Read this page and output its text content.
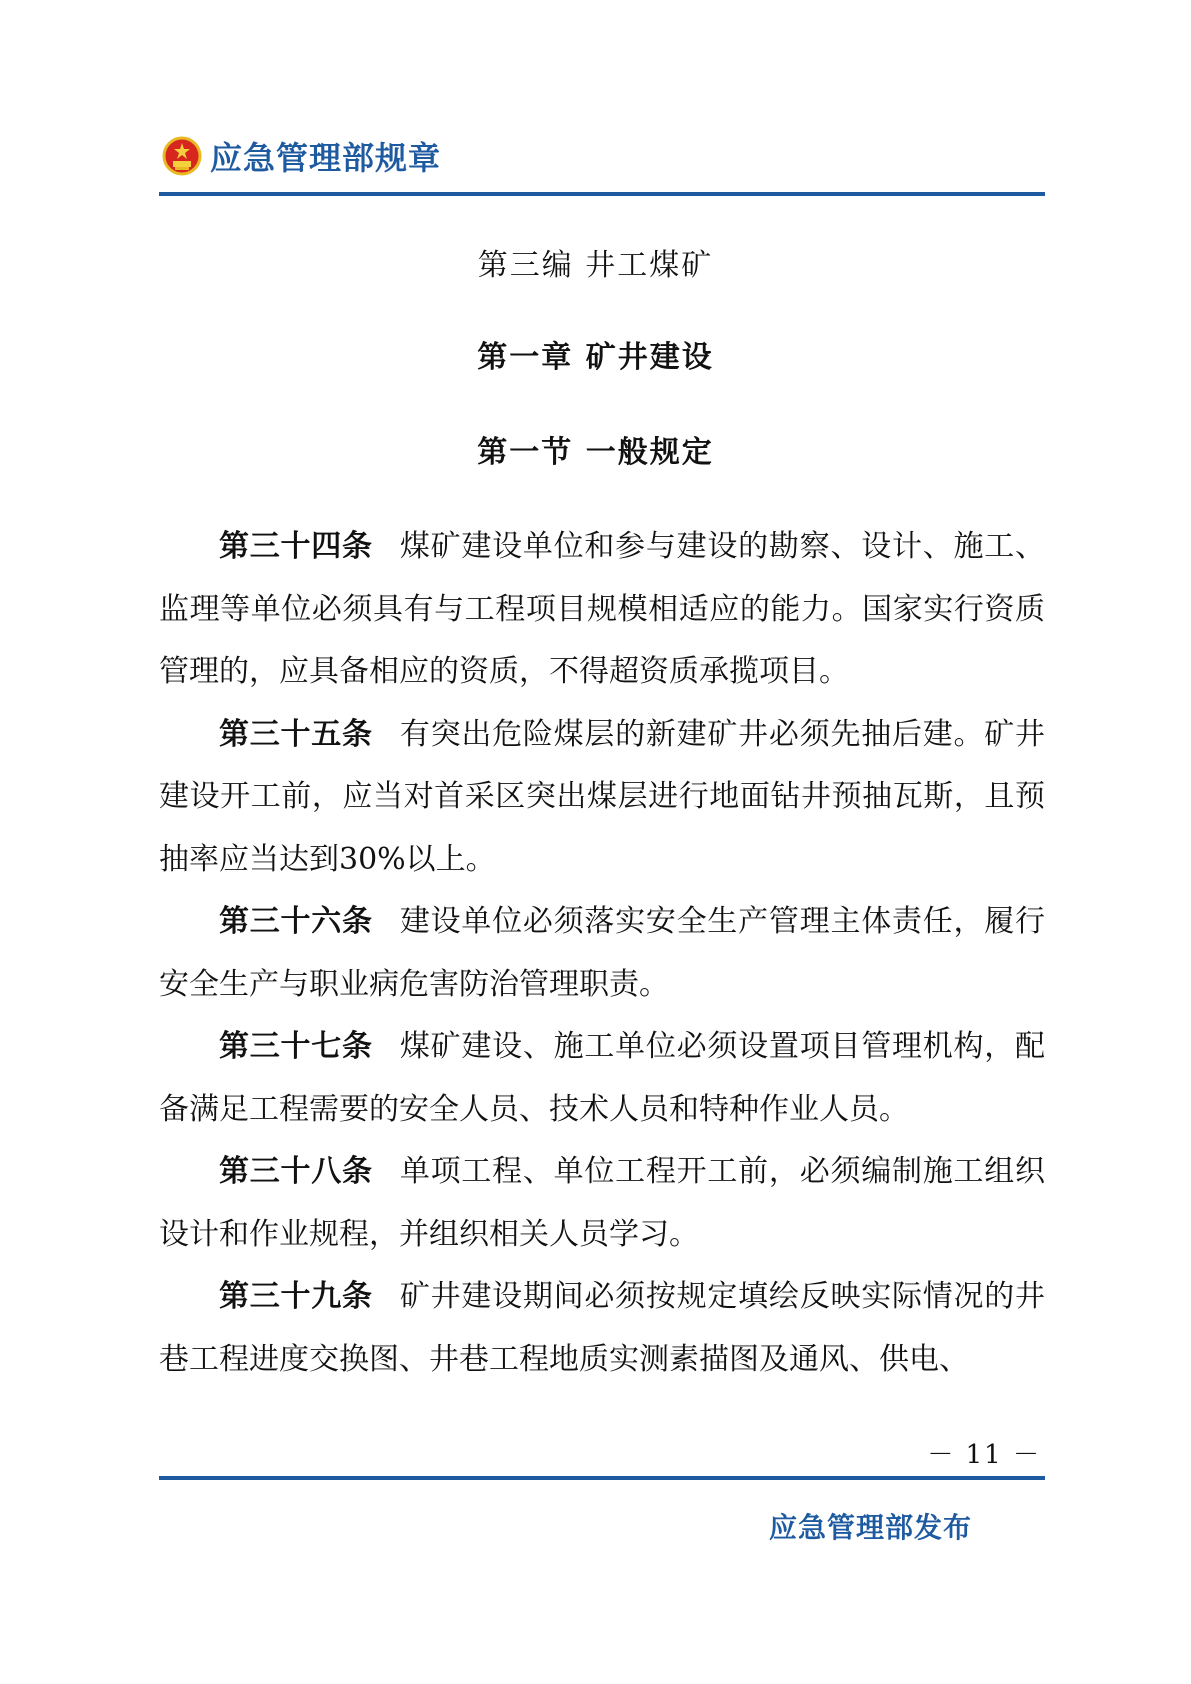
应急管理部规章
第三编 井工煤矿
第一章 矿井建设
第一节 一般规定

第三十四条 煤矿建设单位和参与建设的勘察、设计、施工、监理等单位必须具有与工程项目规模相适应的能力。国家实行资质管理的，应具备相应的资质，不得超资质承揽项目。

第三十五条 有突出危险煤层的新建矿井必须先抽后建。矿井建设开工前，应当对首采区突出煤层进行地面钻井预抽瓦斯，且预抽率应当达到30%以上。

第三十六条 建设单位必须落实安全生产管理主体责任，履行安全生产与职业病危害防治管理职责。

第三十七条 煤矿建设、施工单位必须设置项目管理机构，配备满足工程需要的安全人员、技术人员和特种作业人员。

第三十八条 单项工程、单位工程开工前，必须编制施工组织设计和作业规程，并组织相关人员学习。

第三十九条 矿井建设期间必须按规定填绘反映实际情况的井巷工程进度交换图、井巷工程地质实测素描图及通风、供电、

－ 11 －
应急管理部发布
